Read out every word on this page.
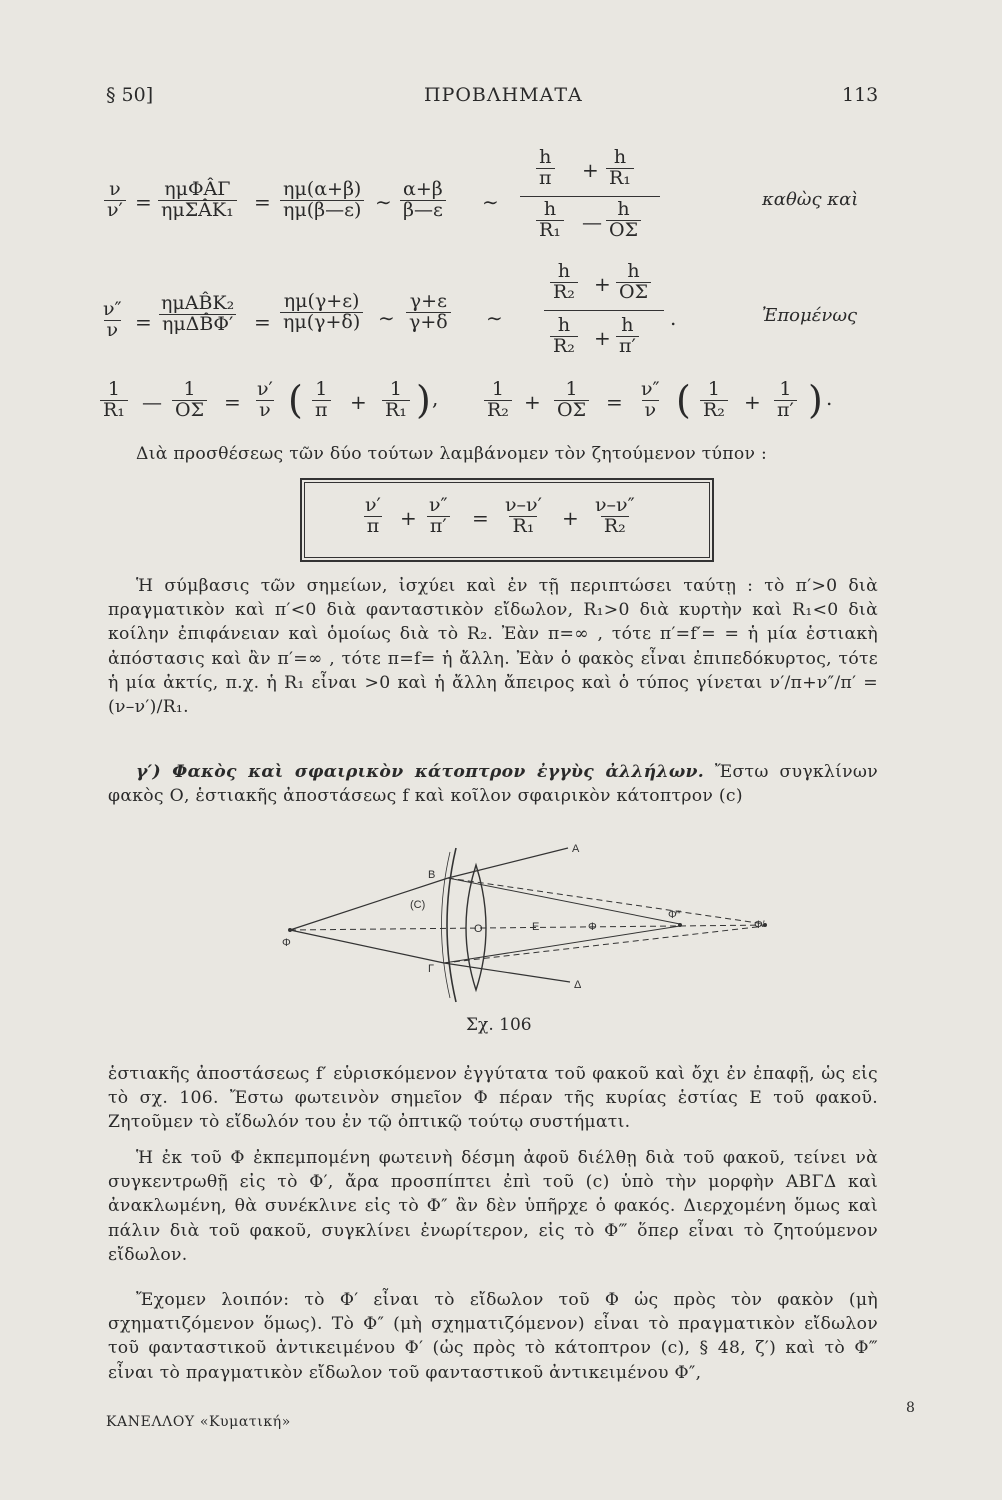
§ 50]	ΠΡΟΒΛΗΜΑΤΑ	113
$\frac{\nu}{\nu'}$ =
ημΦÂΓ
ημΣÂΚ₁ = $\frac{\eta\mu(\alpha+\beta)}{\eta\mu(\beta—\varepsilon)}$ ∼ $\frac{\alpha+\beta}{\beta—\varepsilon}$ ∼
$\frac{h}{\pi} + \frac{h}{\text{R₁}}$
$\frac{h}{\text{R₁}}$ — $\frac{h}{O\Sigma}$
καθὼς καὶ
$\frac{\nu''}{\nu}$ =
ημΑB̂Κ₂
ημΔB̂Φ′ = $\frac{\eta\mu(\gamma+\varepsilon)}{\eta\mu(\gamma+\delta)}$ ∼ $\frac{\gamma+\varepsilon}{\gamma+\delta}$ ∼
$\frac{h}{\text{R₂}} + \frac{h}{O\Sigma}$
$\frac{h}{\text{R₂}} + \frac{h}{\pi'}$ .	Ἐπομένως
$\frac{1}{\text{R₁}}$ — $\frac{1}{O\Sigma} = \frac{\nu'}{\nu}$ ( $\frac{1}{\pi} + \frac{1}{\text{R₁}}$ ) , $\frac{1}{\text{R₂}} + \frac{1}{O\Sigma} = \frac{\nu''}{\nu}$ ( $\frac{1}{\text{R₂}} + \frac{1}{\pi'}$ ) .

Διὰ προσθέσεως τῶν δύο τούτων λαμβάνομεν τὸν ζητούμενον τύπον :

$\frac{\nu'}{\pi} + \frac{\nu''}{\pi'} = \frac{\nu-\nu'}{\text{R₁}} + \frac{\nu-\nu''}{\text{R₂}}$

Ἡ σύμβασις τῶν σημείων, ἰσχύει καὶ ἐν τῇ περιπτώσει ταύτῃ : τὸ π′>0 διὰ πραγματικὸν καὶ π′<0 διὰ φανταστικὸν εἴδωλον, R₁>0 διὰ κυρτὴν καὶ R₁<0 διὰ κοίλην ἐπιφάνειαν καὶ ὁμοίως διὰ τὸ R₂. Ἐὰν π=∞ , τότε π′=f′= = ἡ μία ἑστιακὴ ἀπόστασις καὶ ἂν π′=∞ , τότε π=f= ἡ ἄλλη. Ἐὰν ὁ φακὸς εἶναι ἐπιπεδόκυρτος, τότε ἡ μία ἀκτίς, π.χ. ἡ R₁ εἶναι >0 καὶ ἡ ἄλλη ἄπειρος καὶ ὁ τύπος γίνεται ν′/π+ν″/π′ = (ν–ν′)/R₁.

γ′) Φακὸς καὶ σφαιρικὸν κάτοπτρον ἐγγὺς ἀλλήλων. Ἔστω συγκλίνων φακὸς Ο, ἑστιακῆς ἀποστάσεως f καὶ κοῖλον σφαιρικὸν κάτοπτρον (c)

A
B
Γ
Δ
(C)
O	E
Φ
Φ
Φ‴
Φ′
Σχ. 106

ἑστιακῆς ἀποστάσεως f′ εὑρισκόμενον ἐγγύτατα τοῦ φακοῦ καὶ ὄχι ἐν ἐπαφῇ, ὡς εἰς τὸ σχ. 106. Ἔστω φωτεινὸν σημεῖον Φ πέραν τῆς κυρίας ἑστίας Ε τοῦ φακοῦ. Ζητοῦμεν τὸ εἴδωλόν του ἐν τῷ ὀπτικῷ τούτῳ συστήματι.

Ἡ ἐκ τοῦ Φ ἐκπεμπομένη φωτεινὴ δέσμη ἀφοῦ διέλθῃ διὰ τοῦ φακοῦ, τείνει νὰ συγκεντρωθῇ εἰς τὸ Φ′, ἄρα προσπίπτει ἐπὶ τοῦ (c) ὑπὸ τὴν μορφὴν ΑΒΓΔ καὶ ἀνακλωμένη, θὰ συνέκλινε εἰς τὸ Φ″ ἂν δὲν ὑπῆρχε ὁ φακός. Διερχομένη ὅμως καὶ πάλιν διὰ τοῦ φακοῦ, συγκλίνει ἐνωρίτερον, εἰς τὸ Φ‴ ὅπερ εἶναι τὸ ζητούμενον εἴδωλον.

Ἔχομεν λοιπόν: τὸ Φ′ εἶναι τὸ εἴδωλον τοῦ Φ ὡς πρὸς τὸν φακὸν (μὴ σχηματιζόμενον ὅμως). Τὸ Φ″ (μὴ σχηματιζόμενον) εἶναι τὸ πραγματικὸν εἴδωλον τοῦ φανταστικοῦ ἀντικειμένου Φ′ (ὡς πρὸς τὸ κάτοπτρον (c), § 48, ζ′) καὶ τὸ Φ‴ εἶναι τὸ πραγματικὸν εἴδωλον τοῦ φανταστικοῦ ἀντικειμένου Φ″,

ΚΑΝΕΛΛΟΥ «Κυματική»
8
